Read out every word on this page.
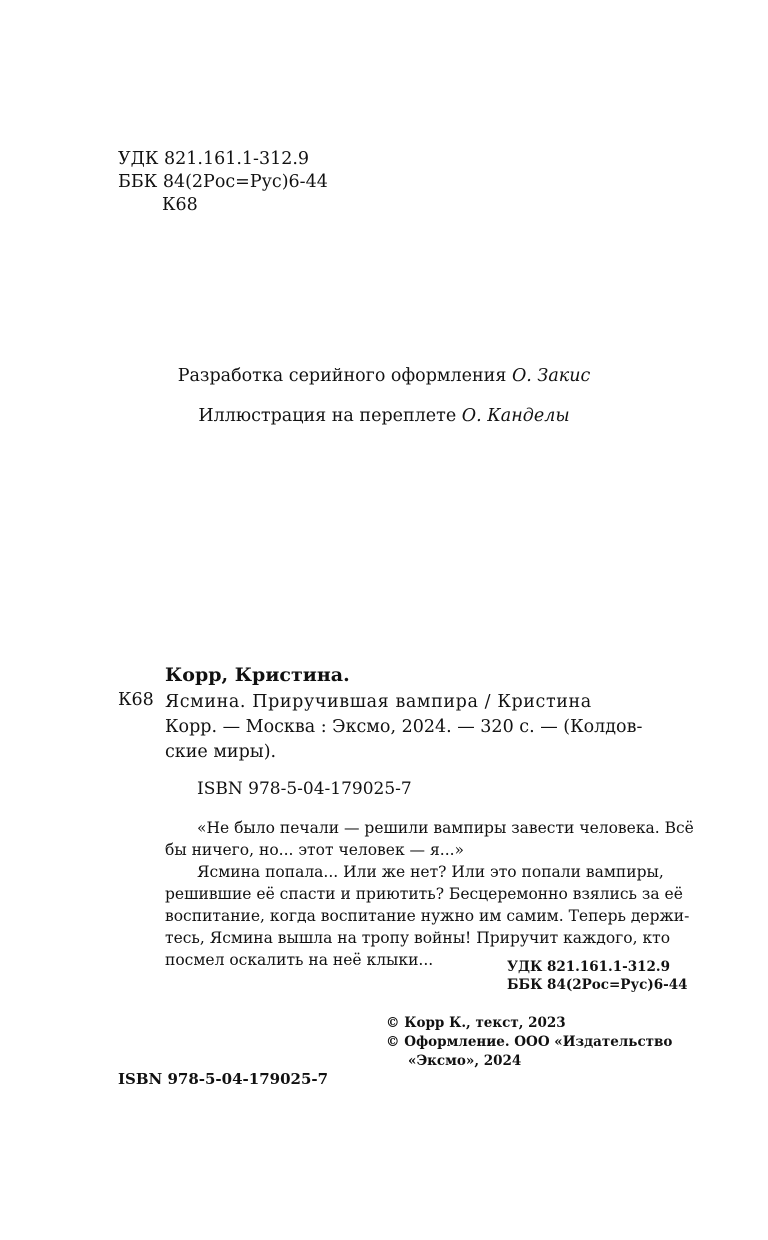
УДК 821.161.1-312.9
ББК 84(2Рос=Рус)6-44
К68
Разработка серийного оформления О. Закис
Иллюстрация на переплете О. Канделы
Корр, Кристина.
К68 Ясмина. Приручившая вампира / Кристина
Корр. — Москва : Эксмо, 2024. — 320 с. — (Колдов-
ские миры).
ISBN 978-5-04-179025-7
«Не было печали — решили вампиры завести человека. Всё
бы ничего, но... этот человек — я...»
Ясмина попала... Или же нет? Или это попали вампиры,
решившие её спасти и приютить? Бесцеремонно взялись за её
воспитание, когда воспитание нужно им самим. Теперь держи-
тесь, Ясмина вышла на тропу войны! Приручит каждого, кто
посмел оскалить на неё клыки...	УДК 821.161.1-312.9
ББК 84(2Рос=Рус)6-44
ISBN 978-5-04-179025-7
© Корр К., текст, 2023
© Оформление. ООО «Издательство
«Эксмо», 2024
